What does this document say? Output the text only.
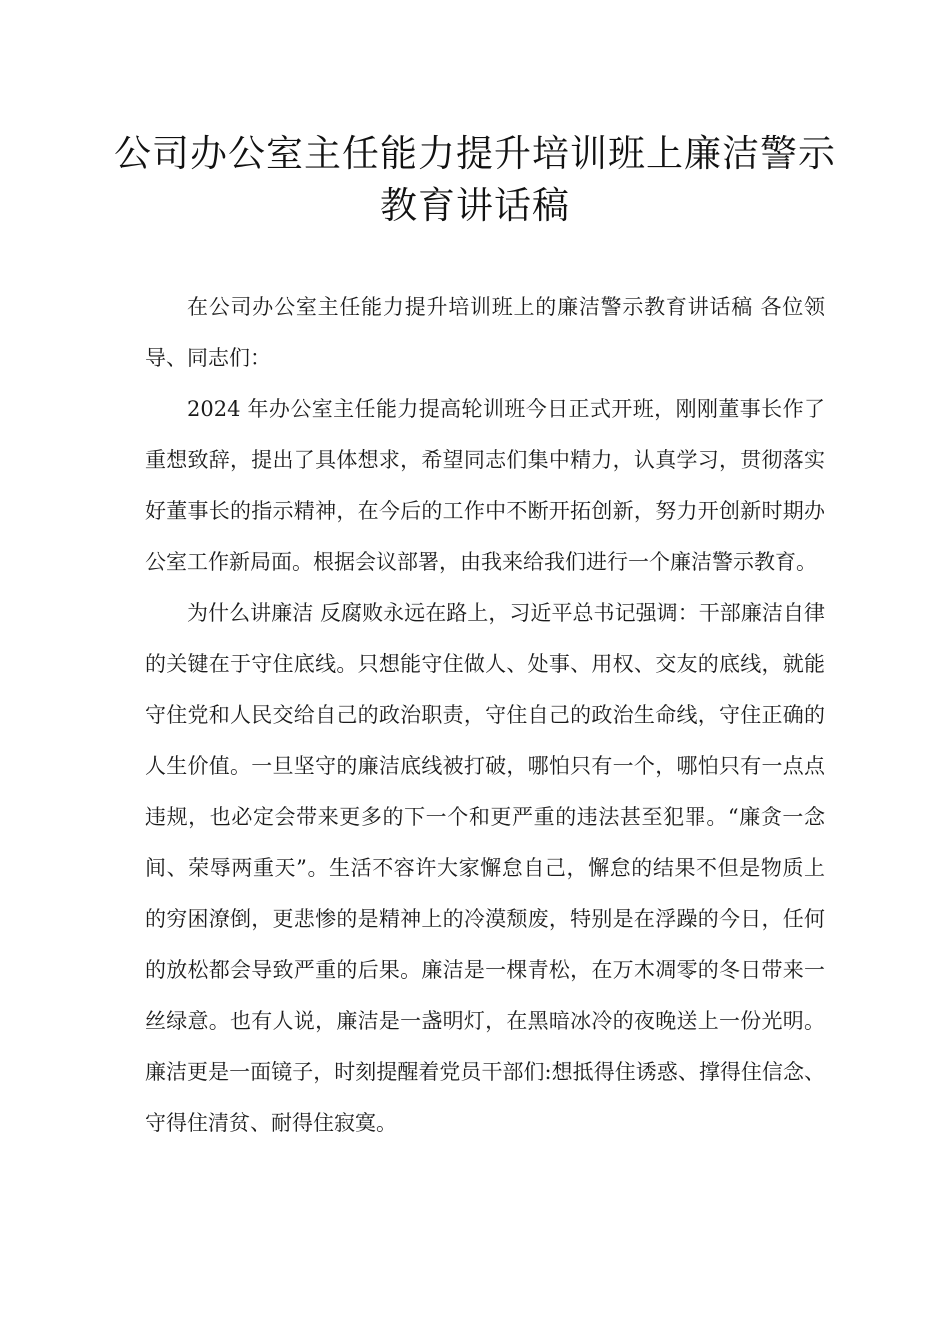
公司办公室主任能力提升培训班上廉洁警示教育讲话稿

在公司办公室主任能力提升培训班上的廉洁警示教育讲话稿 各位领导、同志们：

2024 年办公室主任能力提高轮训班今日正式开班，刚刚董事长作了重想致辞，提出了具体想求，希望同志们集中精力，认真学习，贯彻落实好董事长的指示精神，在今后的工作中不断开拓创新，努力开创新时期办公室工作新局面。根据会议部署，由我来给我们进行一个廉洁警示教育。

为什么讲廉洁 反腐败永远在路上，习近平总书记强调：干部廉洁自律的关键在于守住底线。只想能守住做人、处事、用权、交友的底线，就能守住党和人民交给自己的政治职责，守住自己的政治生命线，守住正确的人生价值。一旦坚守的廉洁底线被打破，哪怕只有一个，哪怕只有一点点违规，也必定会带来更多的下一个和更严重的违法甚至犯罪。“廉贪一念间、荣辱两重天”。生活不容许大家懈怠自己，懈怠的结果不但是物质上的穷困潦倒，更悲惨的是精神上的冷漠颓废，特别是在浮躁的今日，任何的放松都会导致严重的后果。廉洁是一棵青松，在万木凋零的冬日带来一丝绿意。也有人说，廉洁是一盏明灯，在黑暗冰冷的夜晚送上一份光明。廉洁更是一面镜子，时刻提醒着党员干部们:想抵得住诱惑、撑得住信念、守得住清贫、耐得住寂寞。
